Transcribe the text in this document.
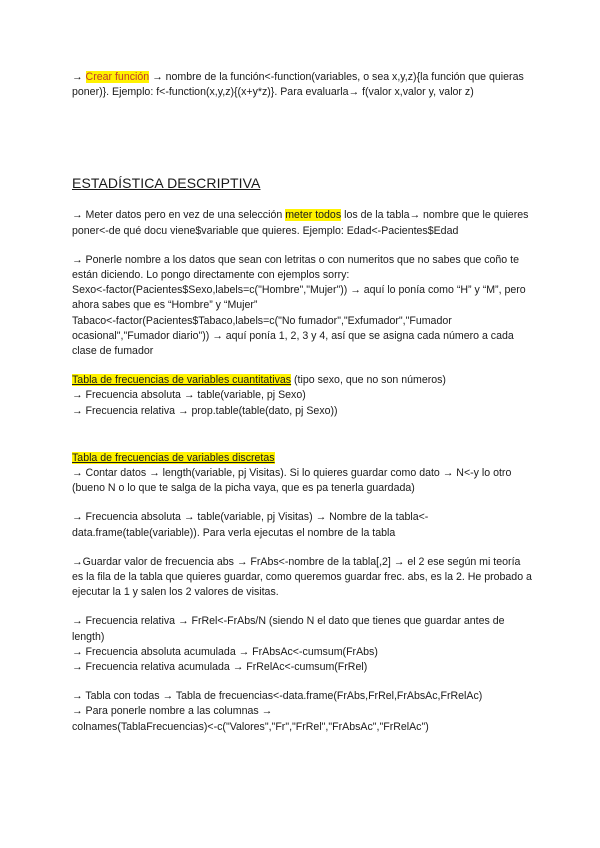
→ Crear función → nombre de la función<-function(variables, o sea x,y,z){la función que quieras poner)}. Ejemplo: f<-function(x,y,z){(x+y*z)}. Para evaluarla→ f(valor x,valor y, valor z)

ESTADÍSTICA DESCRIPTIVA

→ Meter datos pero en vez de una selección meter todos los de la tabla→ nombre que le quieres poner<-de qué docu viene$variable que quieres. Ejemplo: Edad<-Pacientes$Edad

→ Ponerle nombre a los datos que sean con letritas o con numeritos que no sabes que coño te están diciendo. Lo pongo directamente con ejemplos sorry:

Sexo<-factor(Pacientes$Sexo,labels=c("Hombre","Mujer")) → aquí lo ponía como “H” y “M”, pero ahora sabes que es “Hombre” y “Mujer”

Tabaco<-factor(Pacientes$Tabaco,labels=c("No fumador","Exfumador","Fumador ocasional","Fumador diario")) → aquí ponía 1, 2, 3 y 4, así que se asigna cada número a cada clase de fumador

Tabla de frecuencias de variables cuantitativas (tipo sexo, que no son números)

→ Frecuencia absoluta → table(variable, pj Sexo)

→ Frecuencia relativa → prop.table(table(dato, pj Sexo))

Tabla de frecuencias de variables discretas

→ Contar datos → length(variable, pj Visitas). Si lo quieres guardar como dato → N<-y lo otro (bueno N o lo que te salga de la picha vaya, que es pa tenerla guardada)

→ Frecuencia absoluta → table(variable, pj Visitas) → Nombre de la tabla<-data.frame(table(variable)). Para verla ejecutas el nombre de la tabla

→Guardar valor de frecuencia abs → FrAbs<-nombre de la tabla[,2] → el 2 ese según mi teoría es la fila de la tabla que quieres guardar, como queremos guardar frec. abs, es la 2. He probado a ejecutar la 1 y salen los 2 valores de visitas.

→ Frecuencia relativa → FrRel<-FrAbs/N (siendo N el dato que tienes que guardar antes de length)

→ Frecuencia absoluta acumulada → FrAbsAc<-cumsum(FrAbs)

→ Frecuencia relativa acumulada → FrRelAc<-cumsum(FrRel)

→ Tabla con todas → Tabla de frecuencias<-data.frame(FrAbs,FrRel,FrAbsAc,FrRelAc)

→ Para ponerle nombre a las columnas →

colnames(TablaFrecuencias)<-c("Valores","Fr","FrRel","FrAbsAc","FrRelAc")
